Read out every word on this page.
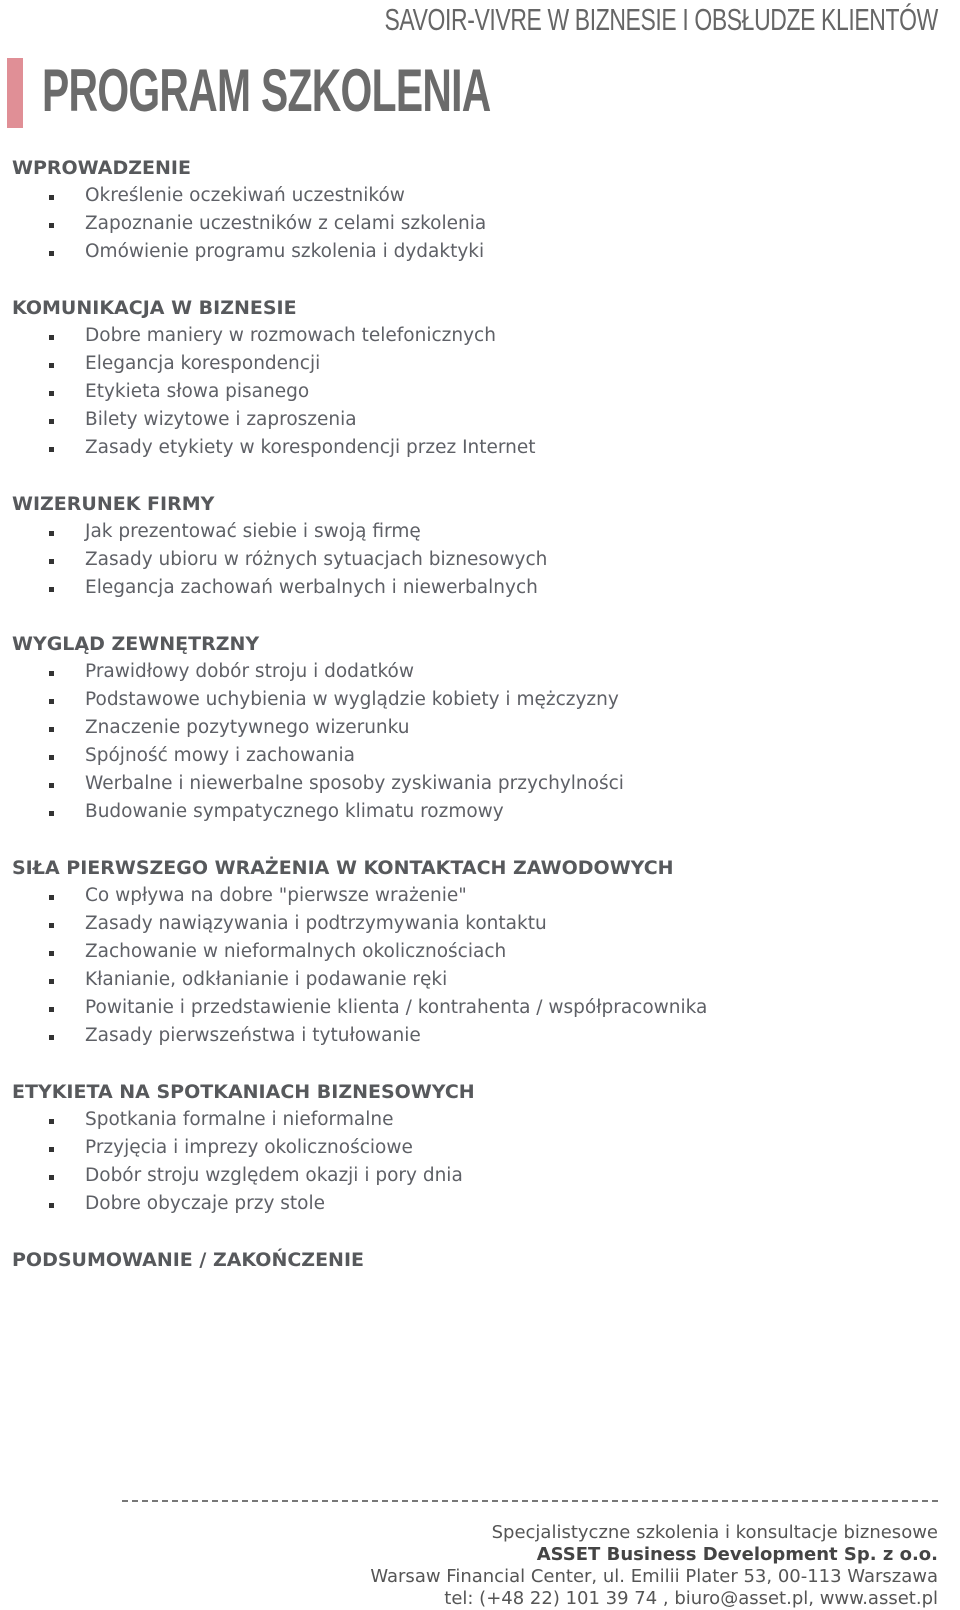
SAVOIR-VIVRE W BIZNESIE I OBSŁUDZE KLIENTÓW
PROGRAM SZKOLENIA
WPROWADZENIE
Określenie oczekiwań uczestników
Zapoznanie uczestników z celami szkolenia
Omówienie programu szkolenia i dydaktyki
KOMUNIKACJA W BIZNESIE
Dobre maniery w rozmowach telefonicznych
Elegancja korespondencji
Etykieta słowa pisanego
Bilety wizytowe i zaproszenia
Zasady etykiety w korespondencji przez Internet
WIZERUNEK FIRMY
Jak prezentować siebie i swoją firmę
Zasady ubioru w różnych sytuacjach biznesowych
Elegancja zachowań werbalnych i niewerbalnych
WYGLĄD ZEWNĘTRZNY
Prawidłowy dobór stroju i dodatków
Podstawowe uchybienia w wyglądzie kobiety i mężczyzny
Znaczenie pozytywnego wizerunku
Spójność mowy i zachowania
Werbalne i niewerbalne sposoby zyskiwania przychylności
Budowanie sympatycznego klimatu rozmowy
SIŁA PIERWSZEGO WRAŻENIA W KONTAKTACH ZAWODOWYCH
Co wpływa na dobre "pierwsze wrażenie"
Zasady nawiązywania i podtrzymywania kontaktu
Zachowanie w nieformalnych okolicznościach
Kłanianie, odkłanianie i podawanie ręki
Powitanie i przedstawienie klienta / kontrahenta / współpracownika
Zasady pierwszeństwa i tytułowanie
ETYKIETA NA SPOTKANIACH BIZNESOWYCH
Spotkania formalne i nieformalne
Przyjęcia i imprezy okolicznościowe
Dobór stroju względem okazji i pory dnia
Dobre obyczaje przy stole
PODSUMOWANIE / ZAKOŃCZENIE
Specjalistyczne szkolenia i konsultacje biznesowe
ASSET Business Development Sp. z o.o.
Warsaw Financial Center, ul. Emilii Plater 53, 00-113 Warszawa
tel: (+48 22) 101 39 74 , biuro@asset.pl, www.asset.pl
